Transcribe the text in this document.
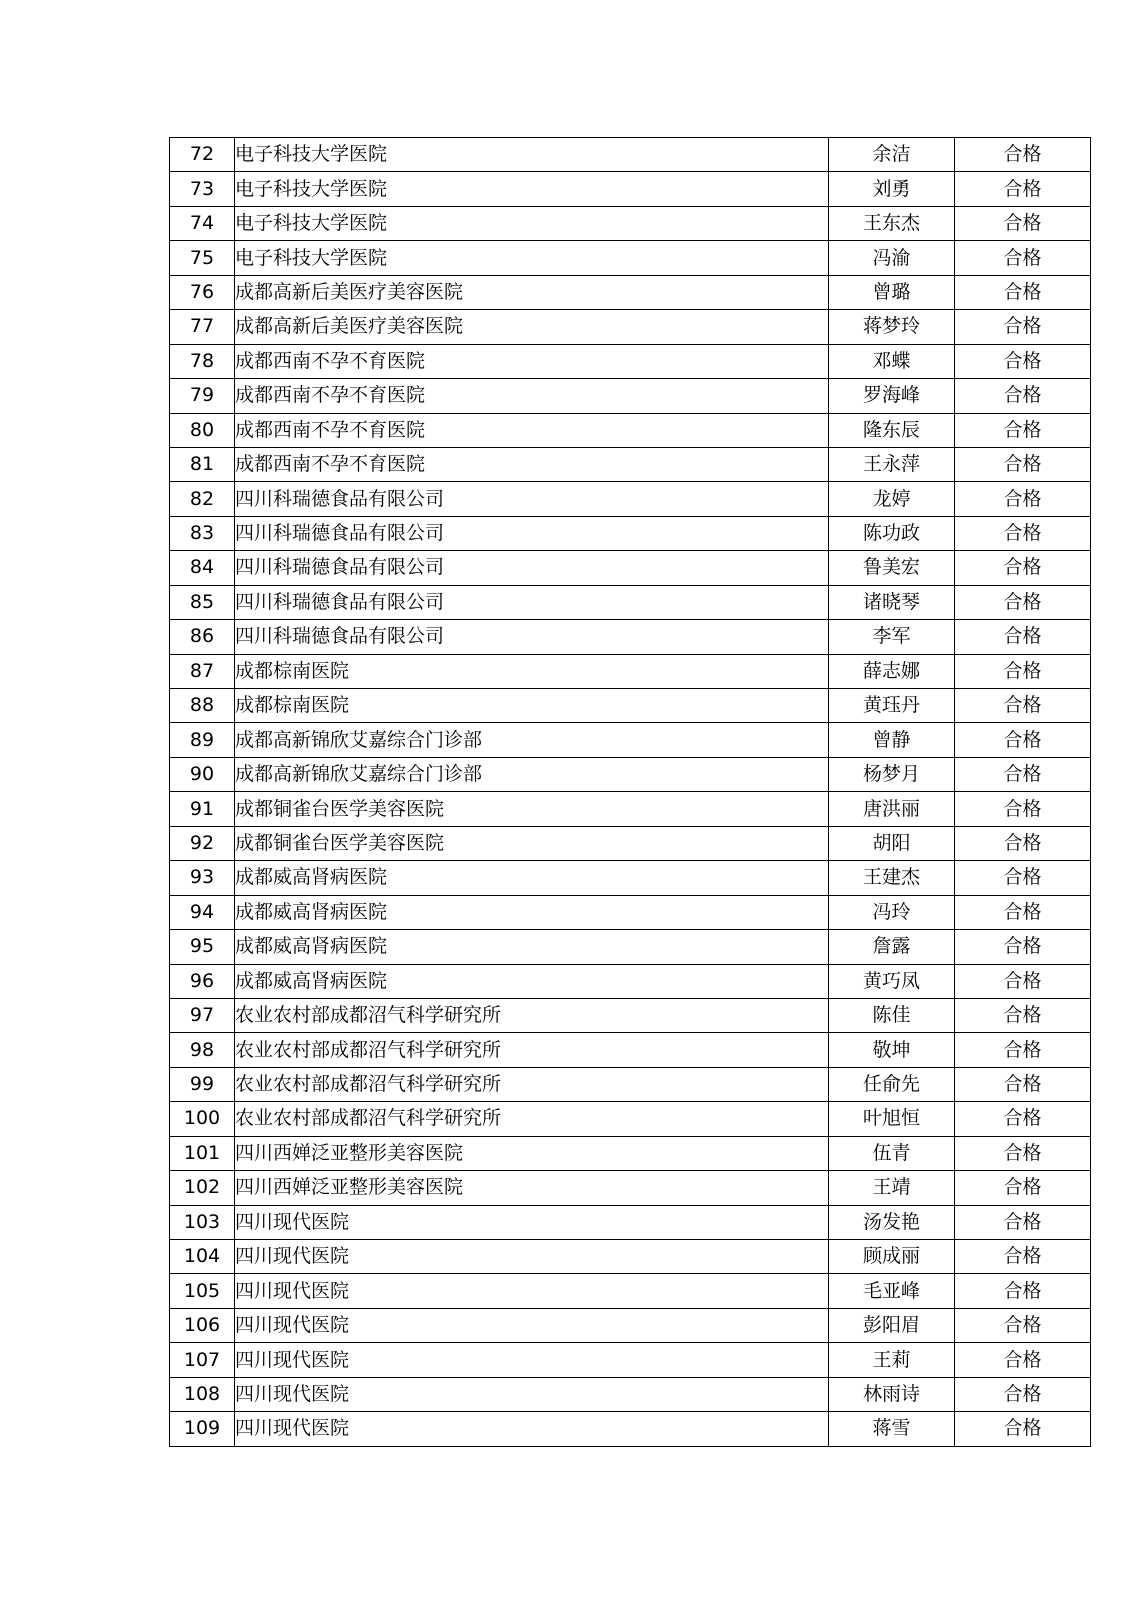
72	电子科技大学医院	余洁	合格
73	电子科技大学医院	刘勇	合格
74	电子科技大学医院	王东杰	合格
75	电子科技大学医院	冯渝	合格
76	成都高新后美医疗美容医院	曾璐	合格
77	成都高新后美医疗美容医院	蒋梦玲	合格
78	成都西南不孕不育医院	邓蝶	合格
79	成都西南不孕不育医院	罗海峰	合格
80	成都西南不孕不育医院	隆东辰	合格
81	成都西南不孕不育医院	王永萍	合格
82	四川科瑞德食品有限公司	龙婷	合格
83	四川科瑞德食品有限公司	陈功政	合格
84	四川科瑞德食品有限公司	鲁美宏	合格
85	四川科瑞德食品有限公司	诸晓琴	合格
86	四川科瑞德食品有限公司	李军	合格
87	成都棕南医院	薛志娜	合格
88	成都棕南医院	黄珏丹	合格
89	成都高新锦欣艾嘉综合门诊部	曾静	合格
90	成都高新锦欣艾嘉综合门诊部	杨梦月	合格
91	成都铜雀台医学美容医院	唐洪丽	合格
92	成都铜雀台医学美容医院	胡阳	合格
93	成都威高肾病医院	王建杰	合格
94	成都威高肾病医院	冯玲	合格
95	成都威高肾病医院	詹露	合格
96	成都威高肾病医院	黄巧凤	合格
97	农业农村部成都沼气科学研究所	陈佳	合格
98	农业农村部成都沼气科学研究所	敬坤	合格
99	农业农村部成都沼气科学研究所	任俞先	合格
100	农业农村部成都沼气科学研究所	叶旭恒	合格
101	四川西婵泛亚整形美容医院	伍青	合格
102	四川西婵泛亚整形美容医院	王靖	合格
103	四川现代医院	汤发艳	合格
104	四川现代医院	顾成丽	合格
105	四川现代医院	毛亚峰	合格
106	四川现代医院	彭阳眉	合格
107	四川现代医院	王莉	合格
108	四川现代医院	林雨诗	合格
109	四川现代医院	蒋雪	合格
